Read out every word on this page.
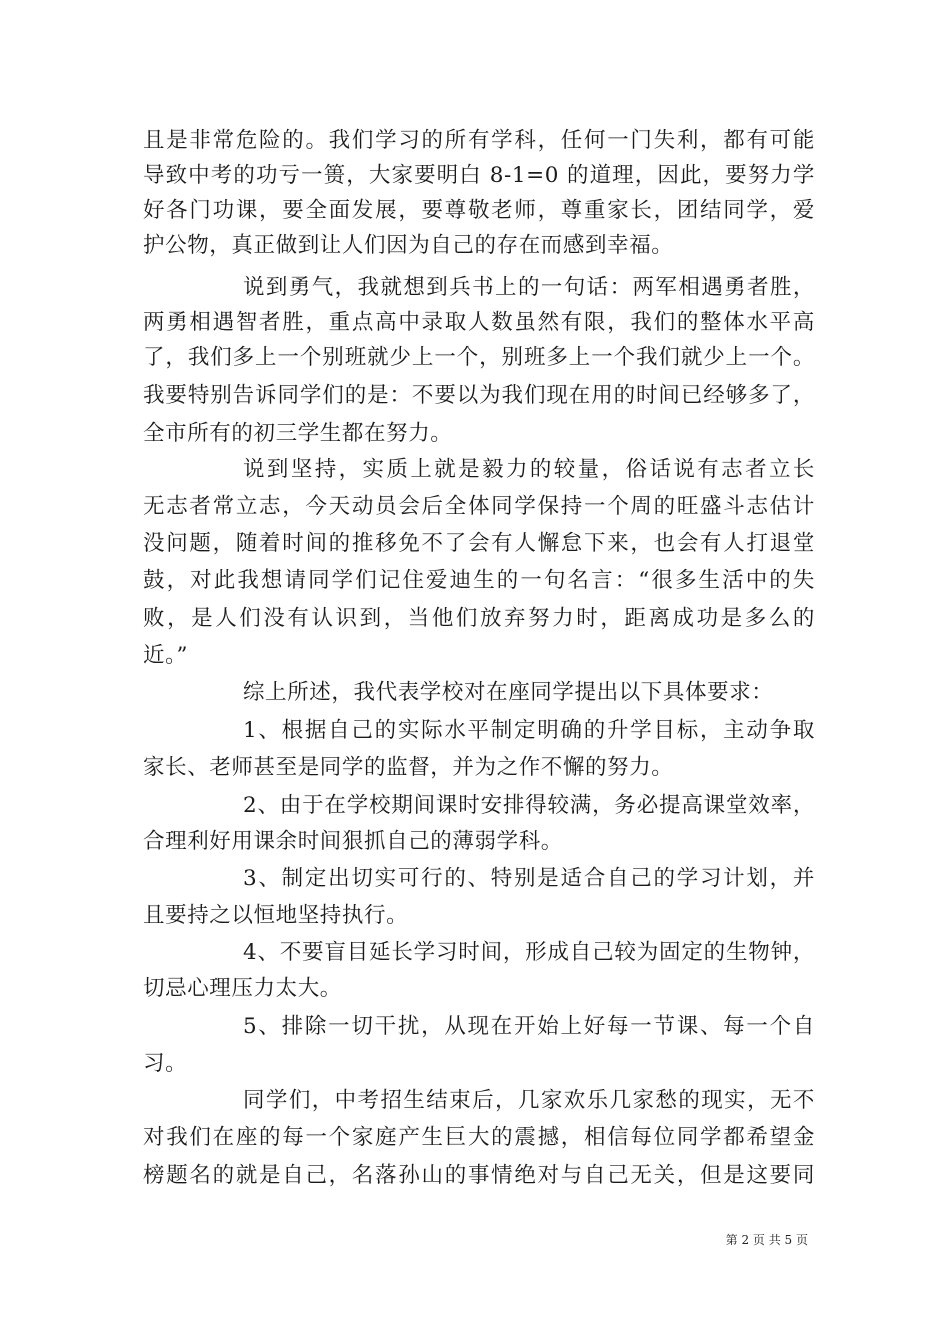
且是非常危险的。我们学习的所有学科，任何一门失利，都有可能
导致中考的功亏一篑，大家要明白 8-1=0 的道理，因此，要努力学
好各门功课，要全面发展，要尊敬老师，尊重家长，团结同学，爱
护公物，真正做到让人们因为自己的存在而感到幸福。
说到勇气，我就想到兵书上的一句话：两军相遇勇者胜，
两勇相遇智者胜，重点高中录取人数虽然有限，我们的整体水平高
了，我们多上一个别班就少上一个，别班多上一个我们就少上一个。
我要特别告诉同学们的是：不要以为我们现在用的时间已经够多了，
全市所有的初三学生都在努力。
说到坚持，实质上就是毅力的较量，俗话说有志者立长
无志者常立志，今天动员会后全体同学保持一个周的旺盛斗志估计
没问题，随着时间的推移免不了会有人懈怠下来，也会有人打退堂
鼓，对此我想请同学们记住爱迪生的一句名言：“很多生活中的失
败，是人们没有认识到，当他们放弃努力时，距离成功是多么的
近。”
综上所述，我代表学校对在座同学提出以下具体要求：
1、根据自己的实际水平制定明确的升学目标，主动争取
家长、老师甚至是同学的监督，并为之作不懈的努力。
2、由于在学校期间课时安排得较满，务必提高课堂效率，
合理利好用课余时间狠抓自己的薄弱学科。
3、制定出切实可行的、特别是适合自己的学习计划，并
且要持之以恒地坚持执行。
4、不要盲目延长学习时间，形成自己较为固定的生物钟，
切忌心理压力太大。
5、排除一切干扰，从现在开始上好每一节课、每一个自
习。
同学们，中考招生结束后，几家欢乐几家愁的现实，无不
对我们在座的每一个家庭产生巨大的震撼，相信每位同学都希望金
榜题名的就是自己，名落孙山的事情绝对与自己无关，但是这要同
第 2 页 共 5 页
